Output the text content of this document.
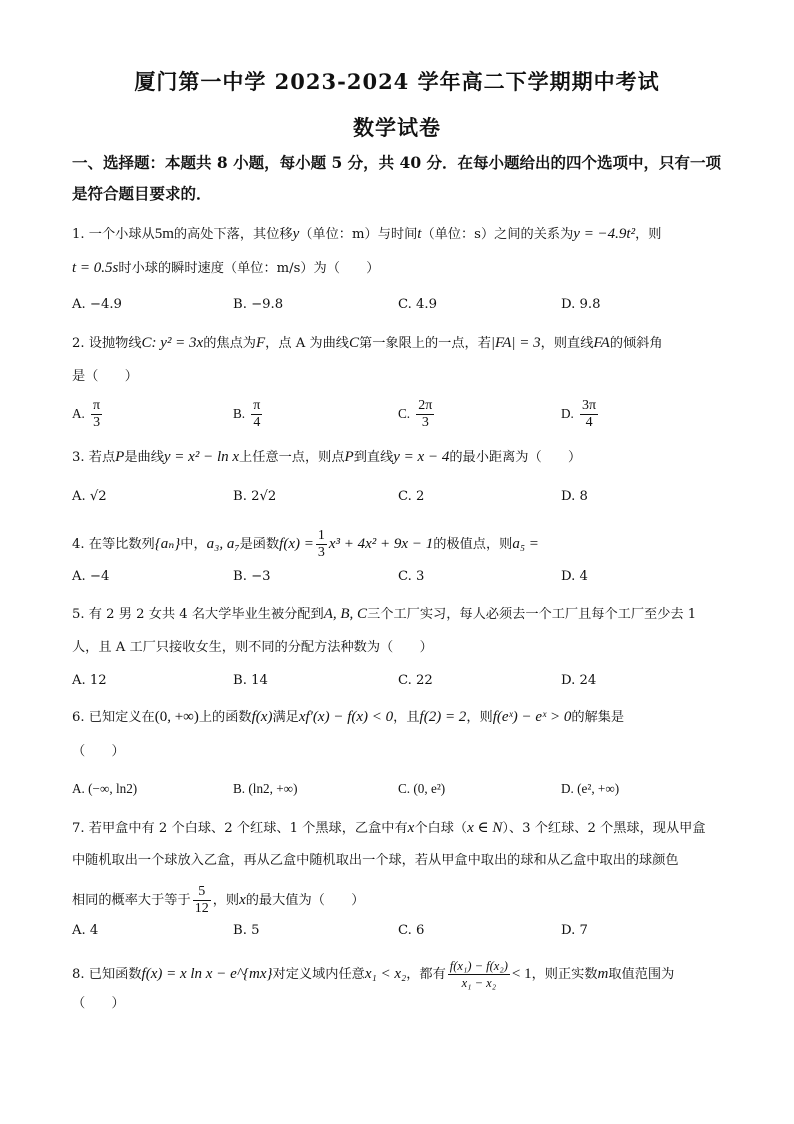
厦门第一中学 2023-2024 学年高二下学期期中考试
数学试卷
一、选择题：本题共 8 小题，每小题 5 分，共 40 分．在每小题给出的四个选项中，只有一项
是符合题目要求的．
1. 一个小球从5m的高处下落，其位移y（单位：m）与时间t（单位：s）之间的关系为y = −4.9t²，则
t = 0.5s时小球的瞬时速度（单位：m/s）为（　　）
A. −4.9	B. −9.8	C. 4.9	D. 9.8
2. 设抛物线C: y² = 3x的焦点为F，点 A 为曲线C第一象限上的一点，若|FA| = 3，则直线FA的倾斜角
是（　　）
A. $\frac{\pi}{3}$	B. $\frac{\pi}{4}$	C. $\frac{2\pi}{3}$	D. $\frac{3\pi}{4}$
3. 若点P是曲线y = x² − ln x上任意一点，则点P到直线y = x − 4的最小距离为（　　）
A. √2	B. 2√2	C. 2	D. 8
4. 在等比数列{aₙ}中，a₃, a₇是函数$f(x) = \frac{1}{3} x^3 + 4x^2 + 9x - 1$的极值点，则a₅ =
A. −4	B. −3	C. 3	D. 4
5. 有 2 男 2 女共 4 名大学毕业生被分配到A, B, C三个工厂实习，每人必须去一个工厂且每个工厂至少去 1
人，且 A 工厂只接收女生，则不同的分配方法种数为（　　）
A. 12	B. 14	C. 22	D. 24
6. 已知定义在(0, +∞)上的函数f(x)满足xf′(x) − f(x) < 0，且f(2) = 2，则f(eˣ) − eˣ > 0的解集是
（　　）
A. (−∞, ln2)	B. (ln2, +∞)	C. (0, e²)	D. (e², +∞)
7. 若甲盒中有 2 个白球、2 个红球、1 个黑球，乙盒中有x个白球（x ∈ N）、3 个红球、2 个黑球，现从甲盒
中随机取出一个球放入乙盒，再从乙盒中随机取出一个球，若从甲盒中取出的球和从乙盒中取出的球颜色
相同的概率大于等于 $\frac{5}{12}$ ，则x的最大值为（　　）
A. 4	B. 5	C. 6	D. 7
8. 已知函数f(x) = x ln x − e^{mx}对定义域内任意x₁ < x₂，都有 $\frac{\text{f(x₁) − f(x₂)}}{\text{x₁ − x₂}} < 1$，则正实数m取值范围为
（　　）
